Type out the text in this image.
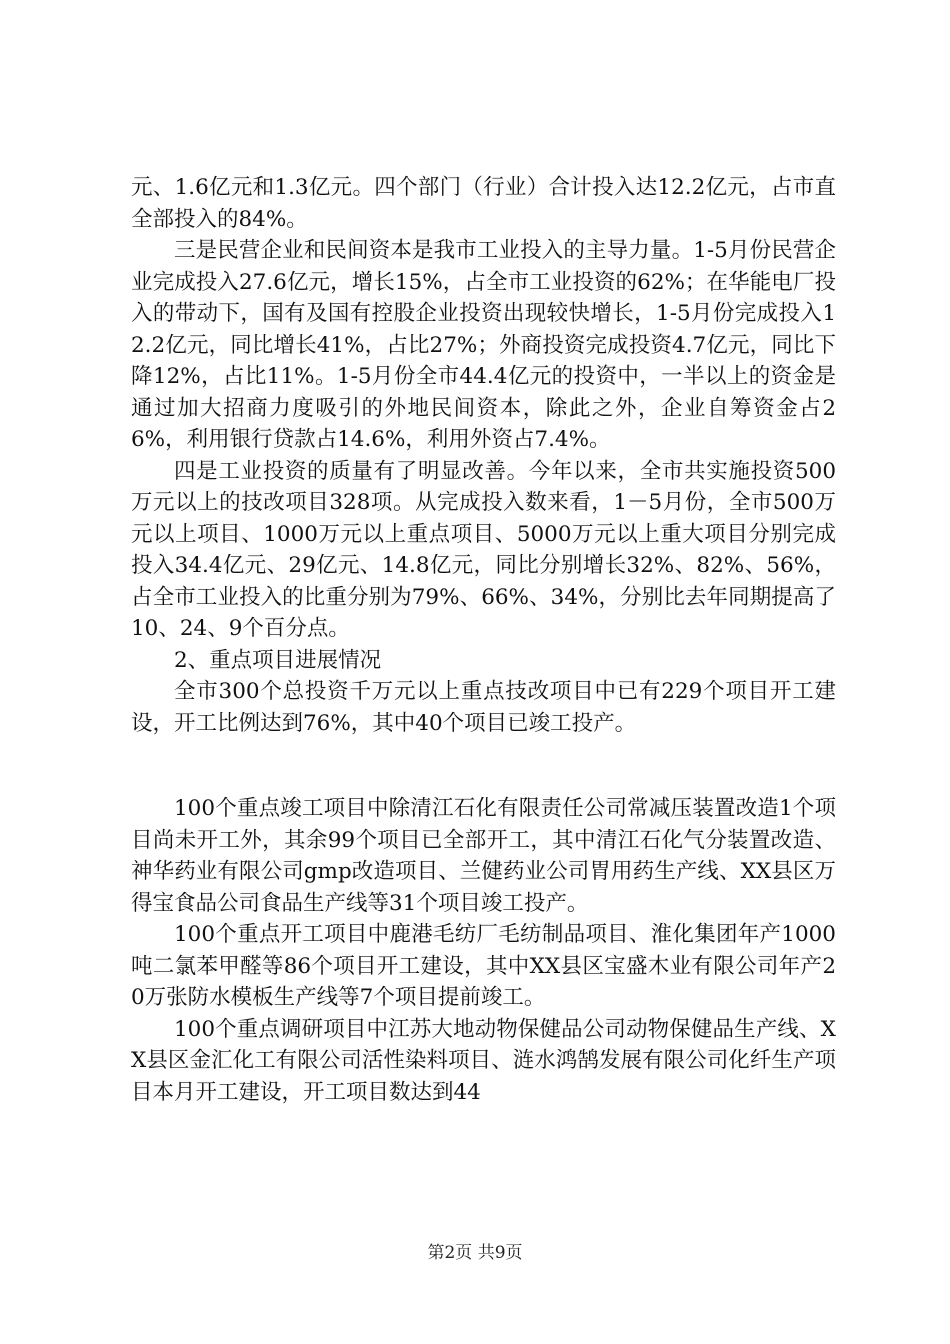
元、1.6亿元和1.3亿元。四个部门（行业）合计投入达12.2亿元，占市直全部投入的84%。

三是民营企业和民间资本是我市工业投入的主导力量。1-5月份民营企业完成投入27.6亿元，增长15%，占全市工业投资的62%；在华能电厂投入的带动下，国有及国有控股企业投资出现较快增长，1-5月份完成投入12.2亿元，同比增长41%，占比27%；外商投资完成投资4.7亿元，同比下降12%，占比11%。1-5月份全市44.4亿元的投资中，一半以上的资金是通过加大招商力度吸引的外地民间资本，除此之外，企业自筹资金占26%，利用银行贷款占14.6%，利用外资占7.4%。

四是工业投资的质量有了明显改善。今年以来，全市共实施投资500万元以上的技改项目328项。从完成投入数来看，1－5月份，全市500万元以上项目、1000万元以上重点项目、5000万元以上重大项目分别完成投入34.4亿元、29亿元、14.8亿元，同比分别增长32%、82%、56%，占全市工业投入的比重分别为79%、66%、34%，分别比去年同期提高了10、24、9个百分点。

2、重点项目进展情况

全市300个总投资千万元以上重点技改项目中已有229个项目开工建设，开工比例达到76%，其中40个项目已竣工投产。

100个重点竣工项目中除清江石化有限责任公司常减压装置改造1个项目尚未开工外，其余99个项目已全部开工，其中清江石化气分装置改造、神华药业有限公司gmp改造项目、兰健药业公司胃用药生产线、XX县区万得宝食品公司食品生产线等31个项目竣工投产。

100个重点开工项目中鹿港毛纺厂毛纺制品项目、淮化集团年产1000吨二氯苯甲醛等86个项目开工建设，其中XX县区宝盛木业有限公司年产20万张防水模板生产线等7个项目提前竣工。

100个重点调研项目中江苏大地动物保健品公司动物保健品生产线、XX县区金汇化工有限公司活性染料项目、涟水鸿鹄发展有限公司化纤生产项目本月开工建设，开工项目数达到44

第2页 共9页
